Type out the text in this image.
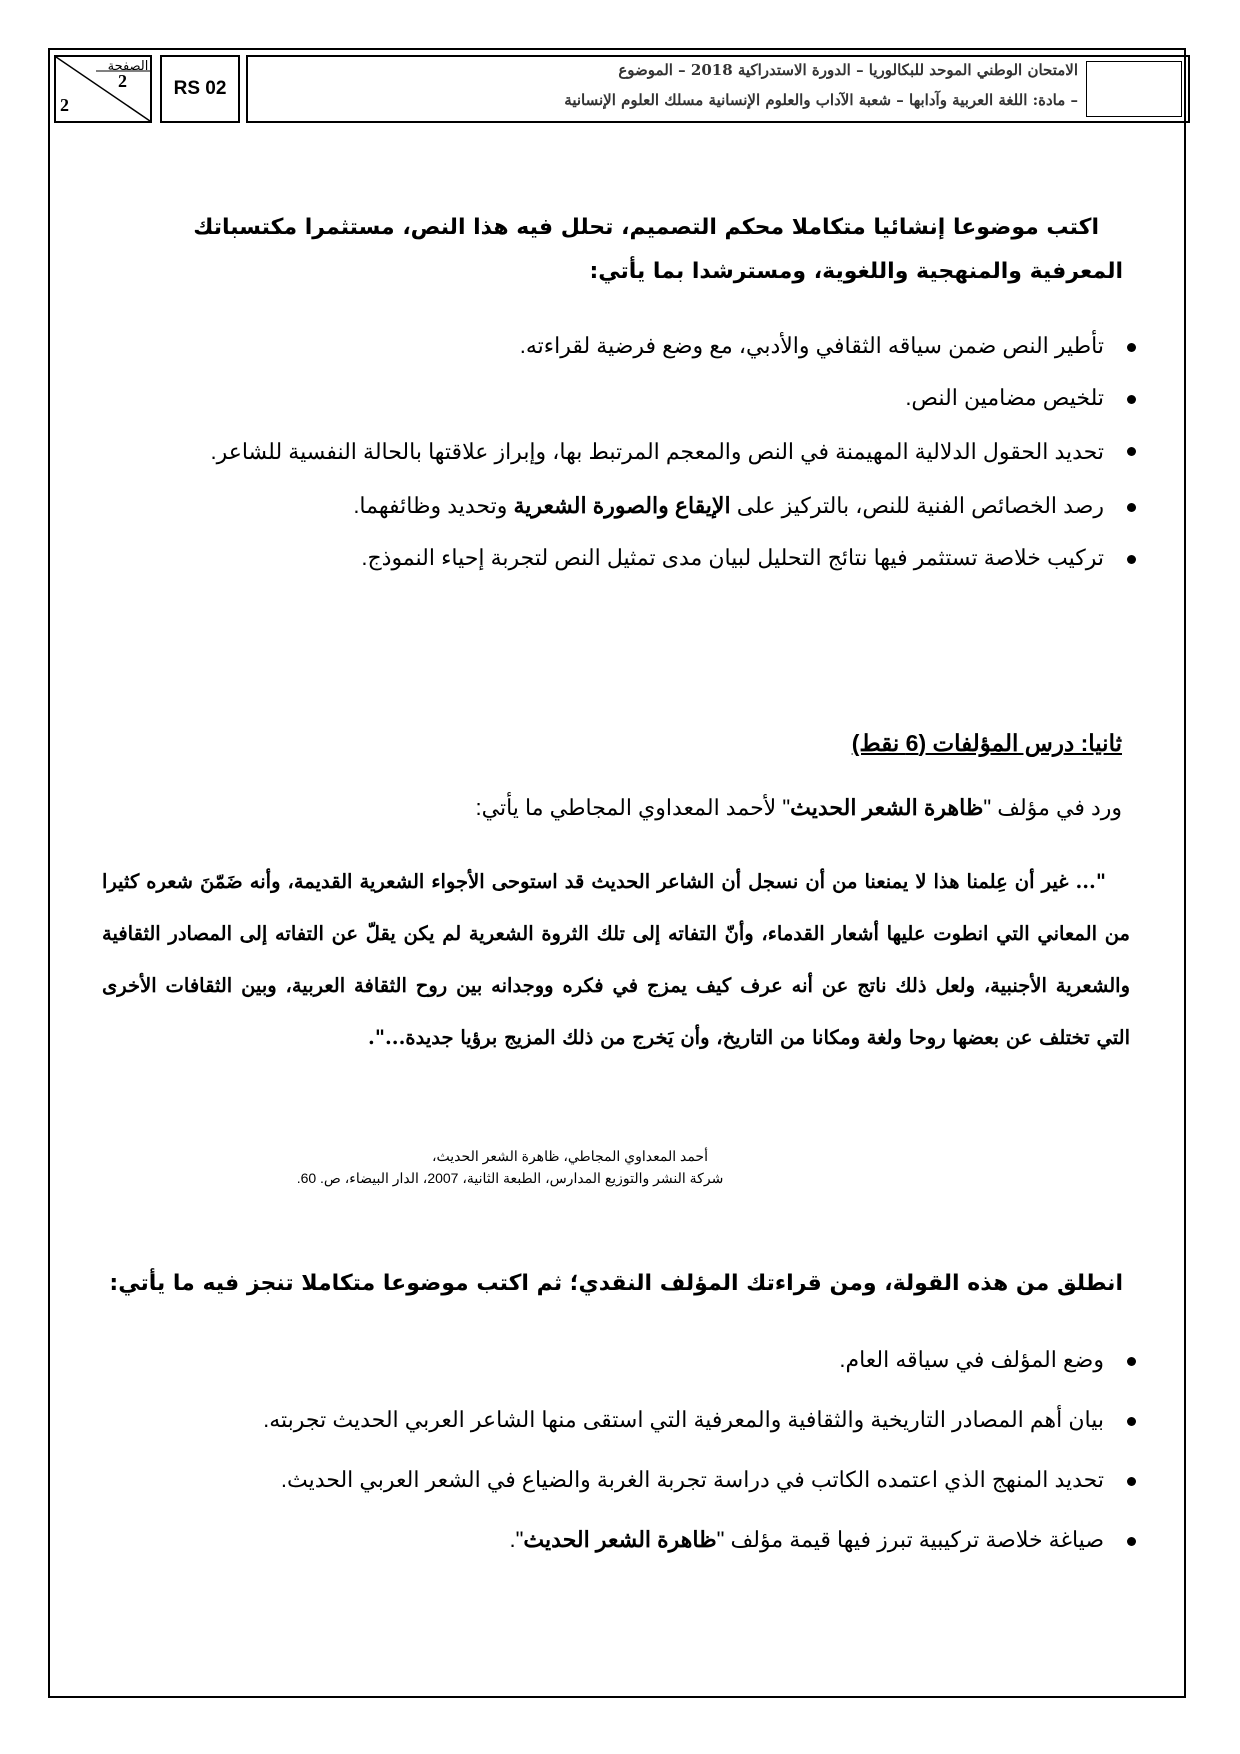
الصفحة
2
2
RS 02
الامتحان الوطني الموحد للبكالوريا – الدورة الاستدراكية 2018 – الموضوع
– مادة: اللغة العربية وآدابها – شعبة الآداب والعلوم الإنسانية مسلك العلوم الإنسانية
اكتب موضوعا إنشائيا متكاملا محكم التصميم، تحلل فيه هذا النص، مستثمرا مكتسباتك المعرفية والمنهجية واللغوية، ومسترشدا بما يأتي:
تأطير النص ضمن سياقه الثقافي والأدبي، مع وضع فرضية لقراءته.
تلخيص مضامين النص.
تحديد الحقول الدلالية المهيمنة في النص والمعجم المرتبط بها، وإبراز علاقتها بالحالة النفسية للشاعر.
رصد الخصائص الفنية للنص، بالتركيز على الإيقاع والصورة الشعرية وتحديد وظائفهما.
تركيب خلاصة تستثمر فيها نتائج التحليل لبيان مدى تمثيل النص لتجربة إحياء النموذج.
ثانيا: درس المؤلفات (6 نقط)
ورد في مؤلف "ظاهرة الشعر الحديث" لأحمد المعداوي المجاطي ما يأتي:
"... غير أن عِلمنا هذا لا يمنعنا من أن نسجل أن الشاعر الحديث قد استوحى الأجواء الشعرية القديمة، وأنه ضَمّنَ شعره كثيرا من المعاني التي انطوت عليها أشعار القدماء، وأنّ التفاته إلى تلك الثروة الشعرية لم يكن يقلّ عن التفاته إلى المصادر الثقافية والشعرية الأجنبية، ولعل ذلك ناتج عن أنه عرف كيف يمزج في فكره ووجدانه بين روح الثقافة العربية، وبين الثقافات الأخرى التي تختلف عن بعضها روحا ولغة ومكانا من التاريخ، وأن يَخرج من ذلك المزيج برؤيا جديدة...".
أحمد المعداوي المجاطي، ظاهرة الشعر الحديث،
شركة النشر والتوزيع المدارس، الطبعة الثانية، 2007، الدار البيضاء، ص. 60.
انطلق من هذه القولة، ومن قراءتك المؤلف النقدي؛ ثم اكتب موضوعا متكاملا تنجز فيه ما يأتي:
وضع المؤلف في سياقه العام.
بيان أهم المصادر التاريخية والثقافية والمعرفية التي استقى منها الشاعر العربي الحديث تجربته.
تحديد المنهج الذي اعتمده الكاتب في دراسة تجربة الغربة والضياع في الشعر العربي الحديث.
صياغة خلاصة تركيبية تبرز فيها قيمة مؤلف "ظاهرة الشعر الحديث".
